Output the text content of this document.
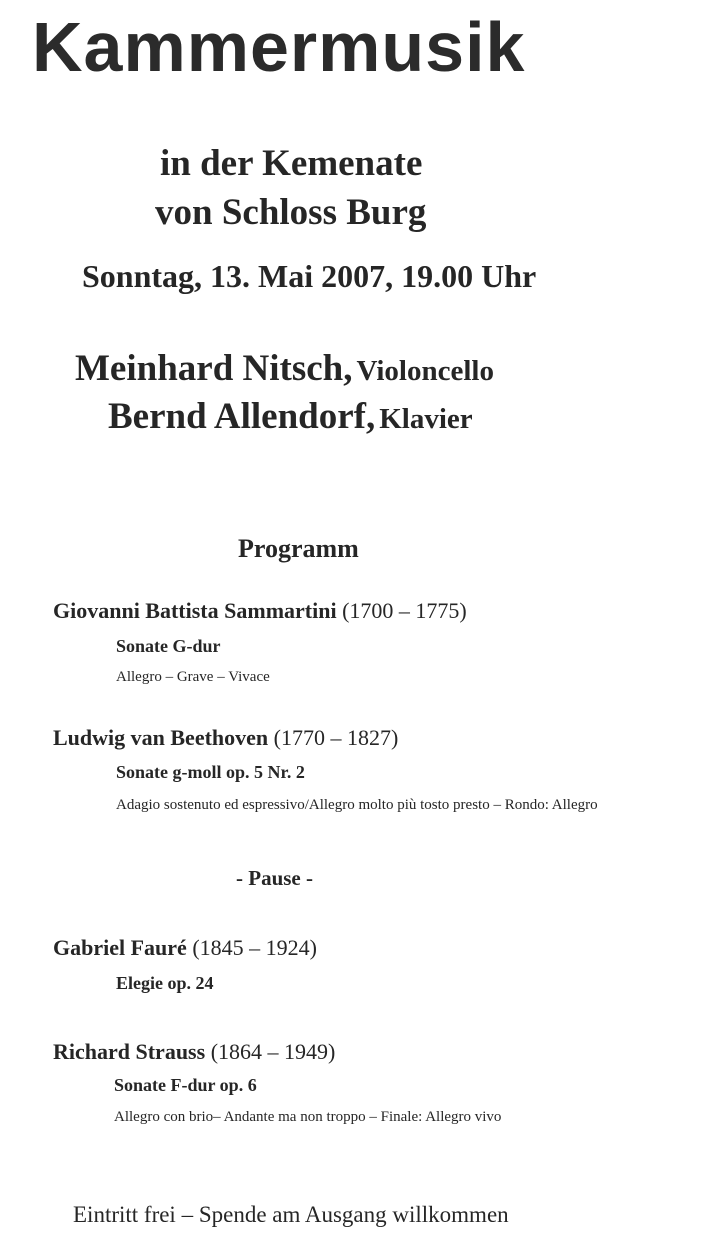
Kammermusik
in der Kemenate
von Schloss Burg
Sonntag, 13. Mai 2007, 19.00 Uhr
Meinhard Nitsch, Violoncello
Bernd Allendorf, Klavier
Programm
Giovanni Battista Sammartini (1700 – 1775)
Sonate G-dur
Allegro – Grave – Vivace
Ludwig van Beethoven (1770 – 1827)
Sonate g-moll op. 5 Nr. 2
Adagio sostenuto ed espressivo/Allegro molto più tosto presto – Rondo: Allegro
- Pause -
Gabriel Fauré (1845 – 1924)
Elegie op. 24
Richard Strauss (1864 – 1949)
Sonate F-dur op. 6
Allegro con brio– Andante ma non troppo – Finale: Allegro vivo
Eintritt frei – Spende am Ausgang willkommen
